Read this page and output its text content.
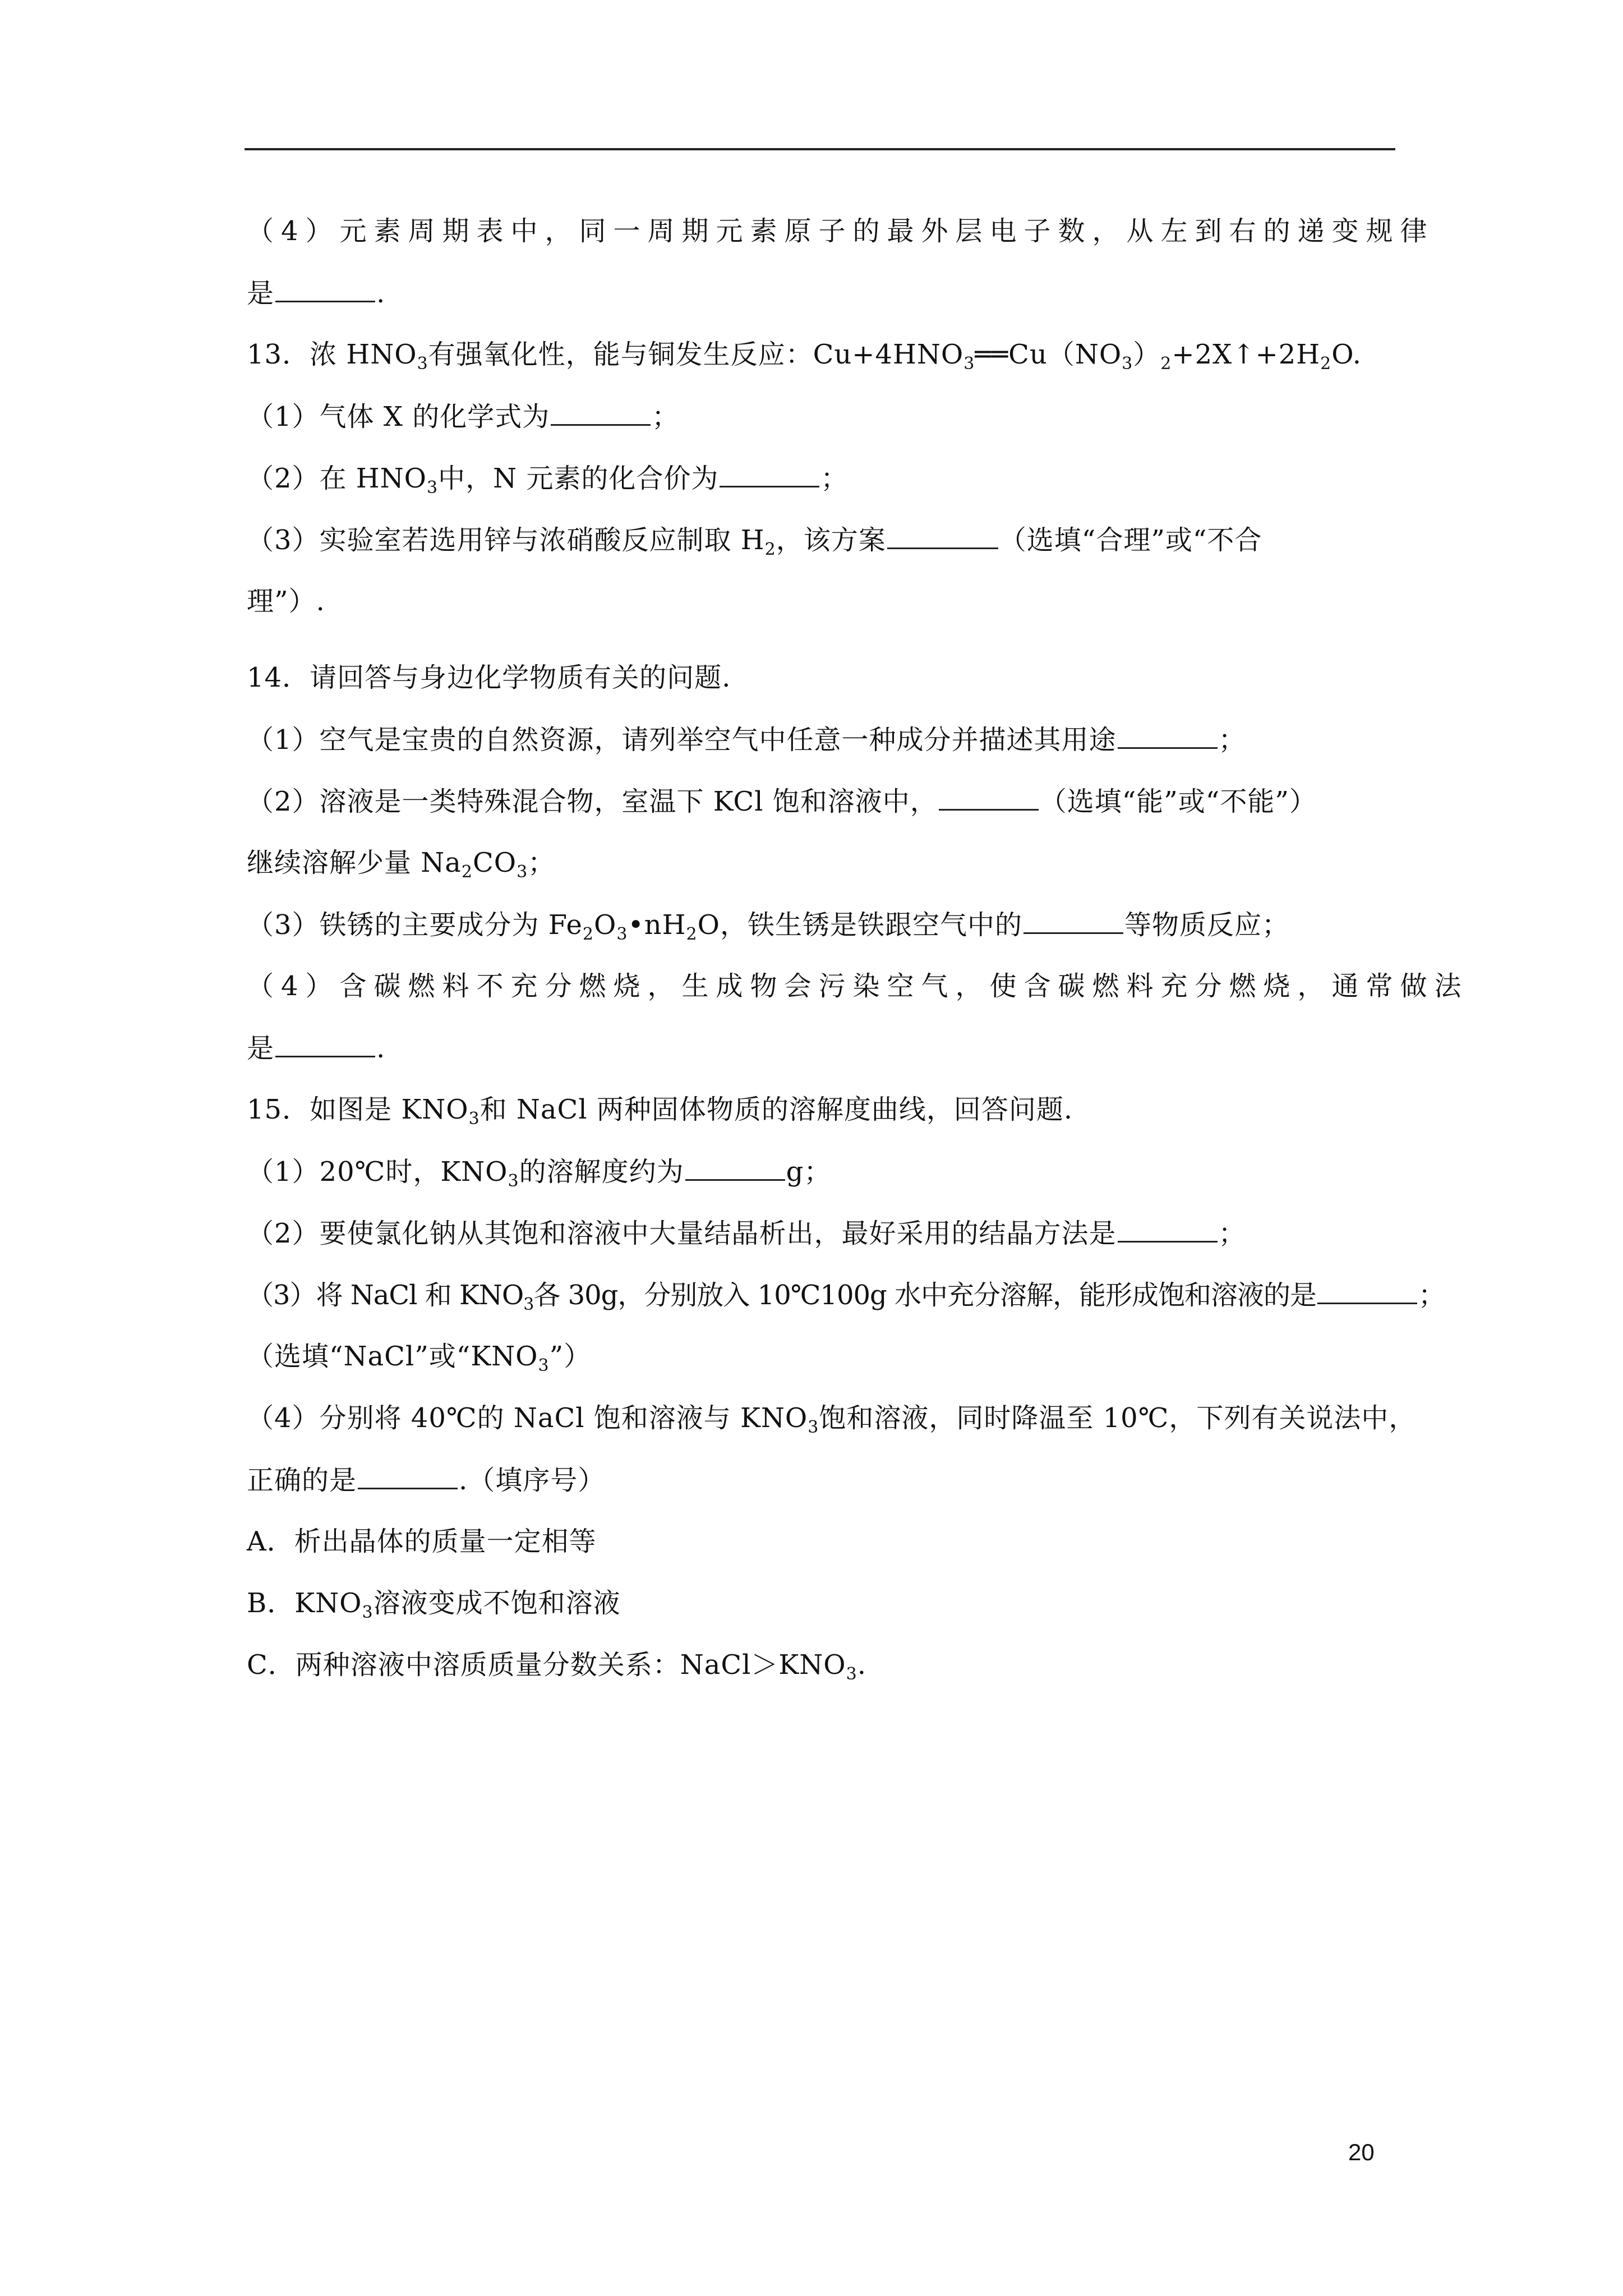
（4）元素周期表中，同一周期元素原子的最外层电子数，从左到右的递变规律
是	.
13．浓 $HNO_3$有强氧化性，能与铜发生反应：$Cu+4HNO_3══Cu(NO_3)_2+2X↑+2H_2O$.
（1）气体 X 的化学式为	；
（2）在 $HNO_3$中，N 元素的化合价为	；
（3）实验室若选用锌与浓硝酸反应制取 $H_2$，该方案	（选填“合理”或“不合
理”）.
14．请回答与身边化学物质有关的问题.
（1）空气是宝贵的自然资源，请列举空气中任意一种成分并描述其用途	；
（2）溶液是一类特殊混合物，室温下 KCl 饱和溶液中，	（选填“能”或“不能”）
继续溶解少量 $Na_2CO_3$；
（3）铁锈的主要成分为 $Fe_2O_3•nH_2O$，铁生锈是铁跟空气中的	等物质反应；
（4）含碳燃料不充分燃烧，生成物会污染空气，使含碳燃料充分燃烧，通常做法
是	.
15．如图是 $KNO_3$和 NaCl 两种固体物质的溶解度曲线，回答问题.
（1）20℃时，$KNO_3$的溶解度约为	g；
（2）要使氯化钠从其饱和溶液中大量结晶析出，最好采用的结晶方法是	；
（3）将 NaCl 和 $KNO_3$各 30g，分别放入 10℃100g 水中充分溶解，能形成饱和溶液的是	；
（选填“NaCl”或“$KNO_3$”）
（4）分别将 40℃的 NaCl 饱和溶液与 $KNO_3$饱和溶液，同时降温至 10℃，下列有关说法中，
正确的是	.（填序号）
A．析出晶体的质量一定相等
B．$KNO_3$溶液变成不饱和溶液
C．两种溶液中溶质质量分数关系：$NaCl>KNO_3$.
20
